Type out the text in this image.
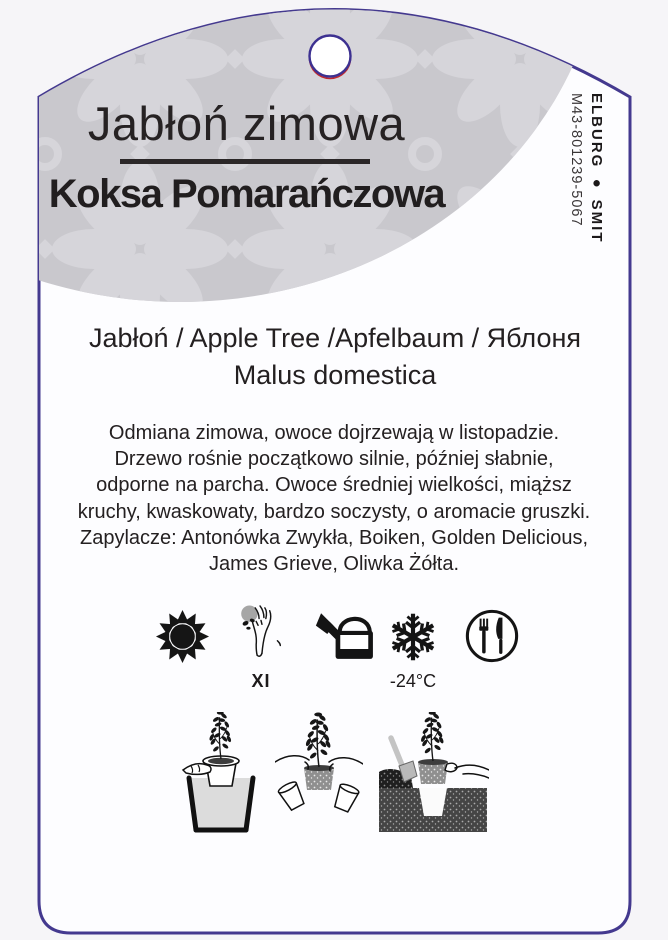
Jabłoń zimowa
Koksa Pomarańczowa	ELBURG ● SMIT
M43-801239-5067
Jabłoń / Apple Tree /Apfelbaum / Яблоня
Malus domestica
Odmiana zimowa, owoce dojrzewają w listopadzie.
Drzewo rośnie początkowo silnie, później słabnie,
odporne na parcha. Owoce średniej wielkości, miąższ
kruchy, kwaskowaty, bardzo soczysty, o aromacie gruszki.
Zapylacze: Antonówka Zwykła, Boiken, Golden Delicious,
James Grieve, Oliwka Żółta.
XI	-24°C
